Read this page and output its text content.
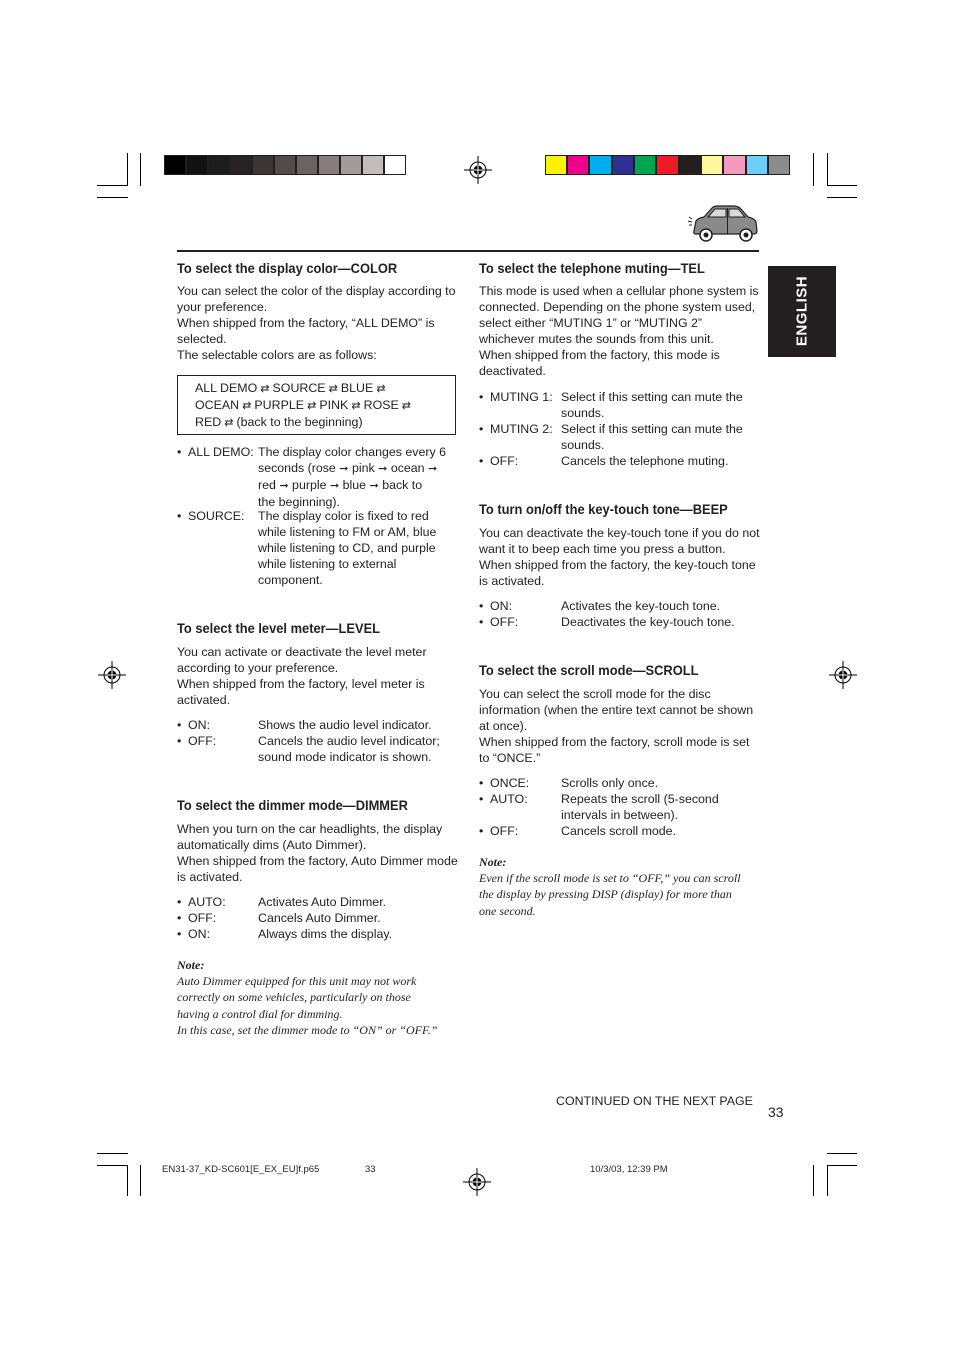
ENGLISH
To select the display color—COLOR

You can select the color of the display according to your preference.

When shipped from the factory, “ALL DEMO” is selected.

The selectable colors are as follows:

ALL DEMO ⇄ SOURCE ⇄ BLUE ⇄
OCEAN ⇄ PURPLE ⇄ PINK ⇄ ROSE ⇄
RED ⇄ (back to the beginning)
• ALL DEMO: The display color changes every 6
seconds (rose ➞ pink ➞ ocean ➞
red ➞ purple ➞ blue ➞ back to
the beginning).
• SOURCE: The display color is fixed to red while listening to FM or AM, blue while listening to CD, and purple while listening to external component.
To select the level meter—LEVEL

You can activate or deactivate the level meter according to your preference.

When shipped from the factory, level meter is activated.

• ON:	Shows the audio level indicator.
• OFF:	Cancels the audio level indicator; sound mode indicator is shown.
To select the dimmer mode—DIMMER

When you turn on the car headlights, the display automatically dims (Auto Dimmer).

When shipped from the factory, Auto Dimmer mode is activated.

• AUTO:	Activates Auto Dimmer.
• OFF:	Cancels Auto Dimmer.
• ON:	Always dims the display.
Note:
Auto Dimmer equipped for this unit may not work
correctly on some vehicles, particularly on those
having a control dial for dimming.
In this case, set the dimmer mode to “ON” or “OFF.”
To select the telephone muting—TEL

This mode is used when a cellular phone system is connected. Depending on the phone system used, select either “MUTING 1” or “MUTING 2” whichever mutes the sounds from this unit.

When shipped from the factory, this mode is deactivated.

• MUTING 1: Select if this setting can mute the sounds.
• MUTING 2: Select if this setting can mute the sounds.
• OFF:	Cancels the telephone muting.
To turn on/off the key-touch tone—BEEP

You can deactivate the key-touch tone if you do not want it to beep each time you press a button.

When shipped from the factory, the key-touch tone is activated.

• ON:	Activates the key-touch tone.
• OFF:	Deactivates the key-touch tone.
To select the scroll mode—SCROLL

You can select the scroll mode for the disc information (when the entire text cannot be shown at once).

When shipped from the factory, scroll mode is set to “ONCE.”

• ONCE:	Scrolls only once.
• AUTO:	Repeats the scroll (5-second intervals in between).
• OFF:	Cancels scroll mode.
Note:
Even if the scroll mode is set to “OFF,” you can scroll
the display by pressing DISP (display) for more than
one second.
CONTINUED ON THE NEXT PAGE
33
EN31-37_KD-SC601[E_EX_EU]f.p65	33	10/3/03, 12:39 PM
